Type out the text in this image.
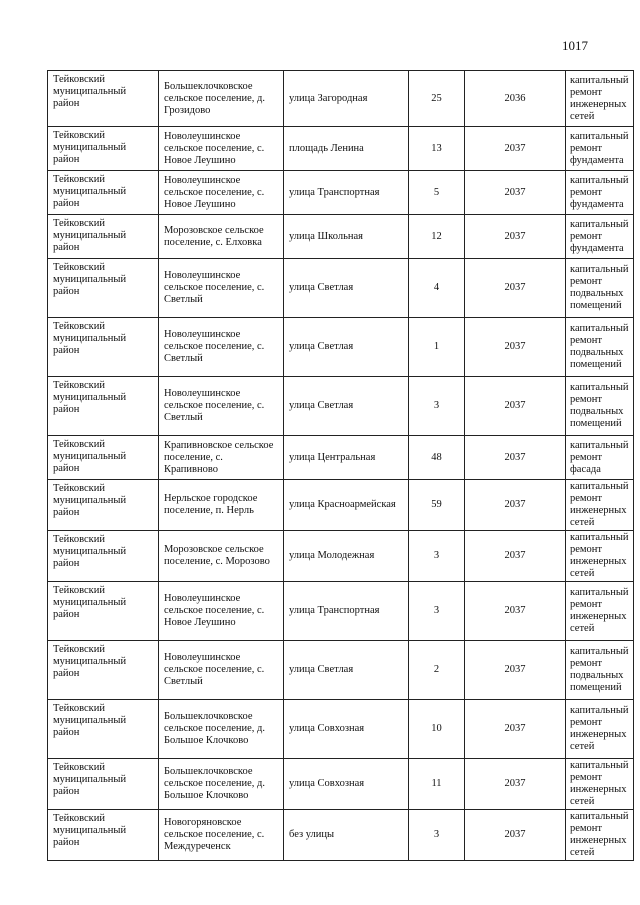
1017
Тейковский муниципальный район	Большеклочковское сельское поселение, д. Грозидово	улица Загородная	25	2036	капитальный ремонт инженерных сетей
Тейковский муниципальный район	Новолеушинское сельское поселение, с. Новое Леушино	площадь Ленина	13	2037	капитальный ремонт фундамента
Тейковский муниципальный район	Новолеушинское сельское поселение, с. Новое Леушино	улица Транспортная	5	2037	капитальный ремонт фундамента
Тейковский муниципальный район	Морозовское сельское поселение, с. Елховка	улица Школьная	12	2037	капитальный ремонт фундамента
Тейковский муниципальный район	Новолеушинское сельское поселение, с. Светлый	улица Светлая	4	2037	капитальный ремонт подвальных помещений
Тейковский муниципальный район	Новолеушинское сельское поселение, с. Светлый	улица Светлая	1	2037	капитальный ремонт подвальных помещений
Тейковский муниципальный район	Новолеушинское сельское поселение, с. Светлый	улица Светлая	3	2037	капитальный ремонт подвальных помещений
Тейковский муниципальный район	Крапивновское сельское поселение, с. Крапивново	улица Центральная	48	2037	капитальный ремонт фасада
Тейковский муниципальный район	Нерльское городское поселение, п. Нерль	улица Красноармейская	59	2037	капитальный ремонт инженерных сетей
Тейковский муниципальный район	Морозовское сельское поселение, с. Морозово	улица Молодежная	3	2037	капитальный ремонт инженерных сетей
Тейковский муниципальный район	Новолеушинское сельское поселение, с. Новое Леушино	улица Транспортная	3	2037	капитальный ремонт инженерных сетей
Тейковский муниципальный район	Новолеушинское сельское поселение, с. Светлый	улица Светлая	2	2037	капитальный ремонт подвальных помещений
Тейковский муниципальный район	Большеклочковское сельское поселение, д. Большое Клочково	улица Совхозная	10	2037	капитальный ремонт инженерных сетей
Тейковский муниципальный район	Большеклочковское сельское поселение, д. Большое Клочково	улица Совхозная	11	2037	капитальный ремонт инженерных сетей
Тейковский муниципальный район	Новогоряновское сельское поселение, с. Междуреченск	без улицы	3	2037	капитальный ремонт инженерных сетей
